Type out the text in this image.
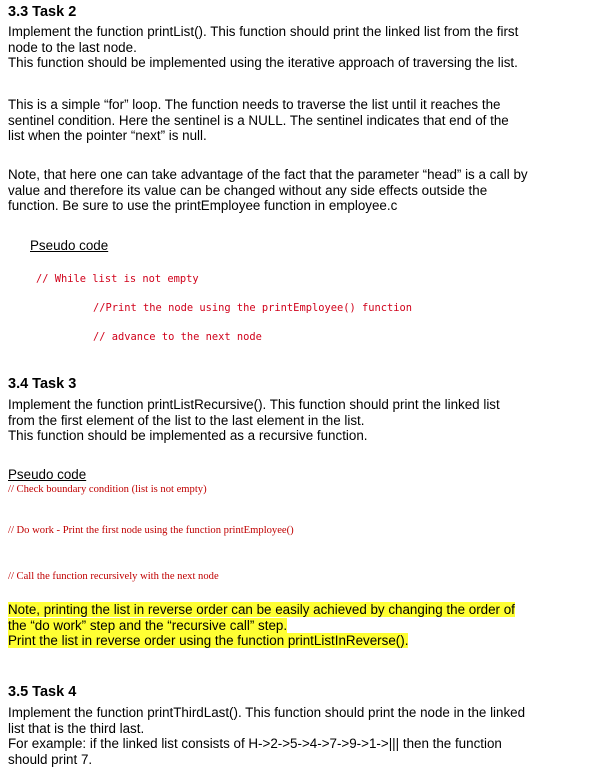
3.3 Task 2
Implement the function printList(). This function should print the linked list from the first
node to the last node.
This function should be implemented using the iterative approach of traversing the list.
This is a simple “for” loop. The function needs to traverse the list until it reaches the
sentinel condition. Here the sentinel is a NULL. The sentinel indicates that end of the
list when the pointer “next” is null.
Note, that here one can take advantage of the fact that the parameter “head” is a call by
value and therefore its value can be changed without any side effects outside the
function. Be sure to use the printEmployee function in employee.c
Pseudo code
// While list is not empty
//Print the node using the printEmployee() function
// advance to the next node
3.4 Task 3
Implement the function printListRecursive(). This function should print the linked list
from the first element of the list to the last element in the list.
This function should be implemented as a recursive function.
Pseudo code
// Check boundary condition (list is not empty)
// Do work - Print the first node using the function printEmployee()
// Call the function recursively with the next node
Note, printing the list in reverse order can be easily achieved by changing the order of
the “do work” step and the “recursive call” step.
Print the list in reverse order using the function printListInReverse().
3.5 Task 4
Implement the function printThirdLast(). This function should print the node in the linked
list that is the third last.
For example: if the linked list consists of H->2->5->4->7->9->1->||| then the function
should print 7.
